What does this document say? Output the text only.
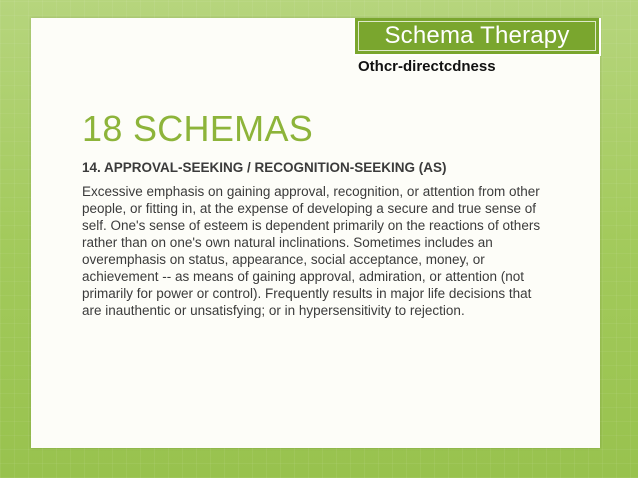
Schema Therapy
Othcr-directcdness
18 SCHEMAS
14. APPROVAL-SEEKING / RECOGNITION-SEEKING (AS)

Excessive emphasis on gaining approval, recognition, or attention from other people, or fitting in, at the expense of developing a secure and true sense of self. One's sense of esteem is dependent primarily on the reactions of others rather than on one's own natural inclinations. Sometimes includes an overemphasis on status, appearance, social acceptance, money, or achievement -- as means of gaining approval, admiration, or attention (not primarily for power or control). Frequently results in major life decisions that are inauthentic or unsatisfying; or in hypersensitivity to rejection.
